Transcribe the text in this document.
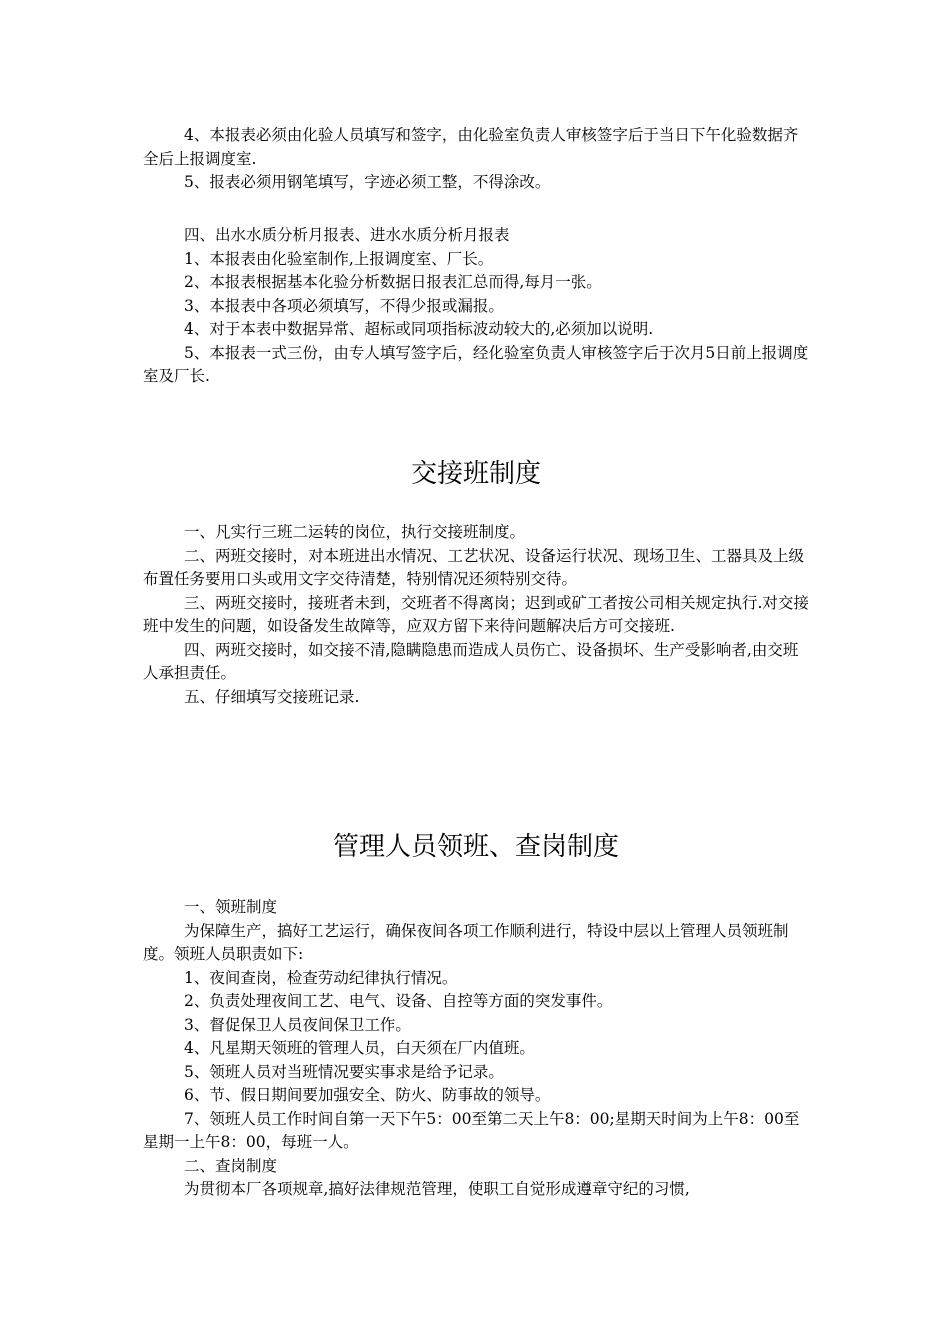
4、本报表必须由化验人员填写和签字，由化验室负责人审核签字后于当日下午化验数据齐全后上报调度室.

5、报表必须用钢笔填写，字迹必须工整，不得涂改。

四、出水水质分析月报表、进水水质分析月报表

1、本报表由化验室制作,上报调度室、厂长。

2、本报表根据基本化验分析数据日报表汇总而得,每月一张。

3、本报表中各项必须填写，不得少报或漏报。

4、对于本表中数据异常、超标或同项指标波动较大的,必须加以说明.

5、本报表一式三份，由专人填写签字后，经化验室负责人审核签字后于次月5日前上报调度室及厂长.

交接班制度

一、凡实行三班二运转的岗位，执行交接班制度。

二、两班交接时，对本班进出水情况、工艺状况、设备运行状况、现场卫生、工器具及上级布置任务要用口头或用文字交待清楚，特别情况还须特别交待。

三、两班交接时，接班者未到，交班者不得离岗；迟到或矿工者按公司相关规定执行.对交接班中发生的问题，如设备发生故障等，应双方留下来待问题解决后方可交接班.

四、两班交接时，如交接不清,隐瞒隐患而造成人员伤亡、设备损坏、生产受影响者,由交班人承担责任。

五、仔细填写交接班记录.

管理人员领班、查岗制度

一、领班制度

为保障生产，搞好工艺运行，确保夜间各项工作顺利进行，特设中层以上管理人员领班制度。领班人员职责如下:

1、夜间查岗，检查劳动纪律执行情况。

2、负责处理夜间工艺、电气、设备、自控等方面的突发事件。

3、督促保卫人员夜间保卫工作。

4、凡星期天领班的管理人员，白天须在厂内值班。

5、领班人员对当班情况要实事求是给予记录。

6、节、假日期间要加强安全、防火、防事故的领导。

7、领班人员工作时间自第一天下午5：00至第二天上午8：00;星期天时间为上午8：00至星期一上午8：00，每班一人。

二、查岗制度

为贯彻本厂各项规章,搞好法律规范管理，使职工自觉形成遵章守纪的习惯,
